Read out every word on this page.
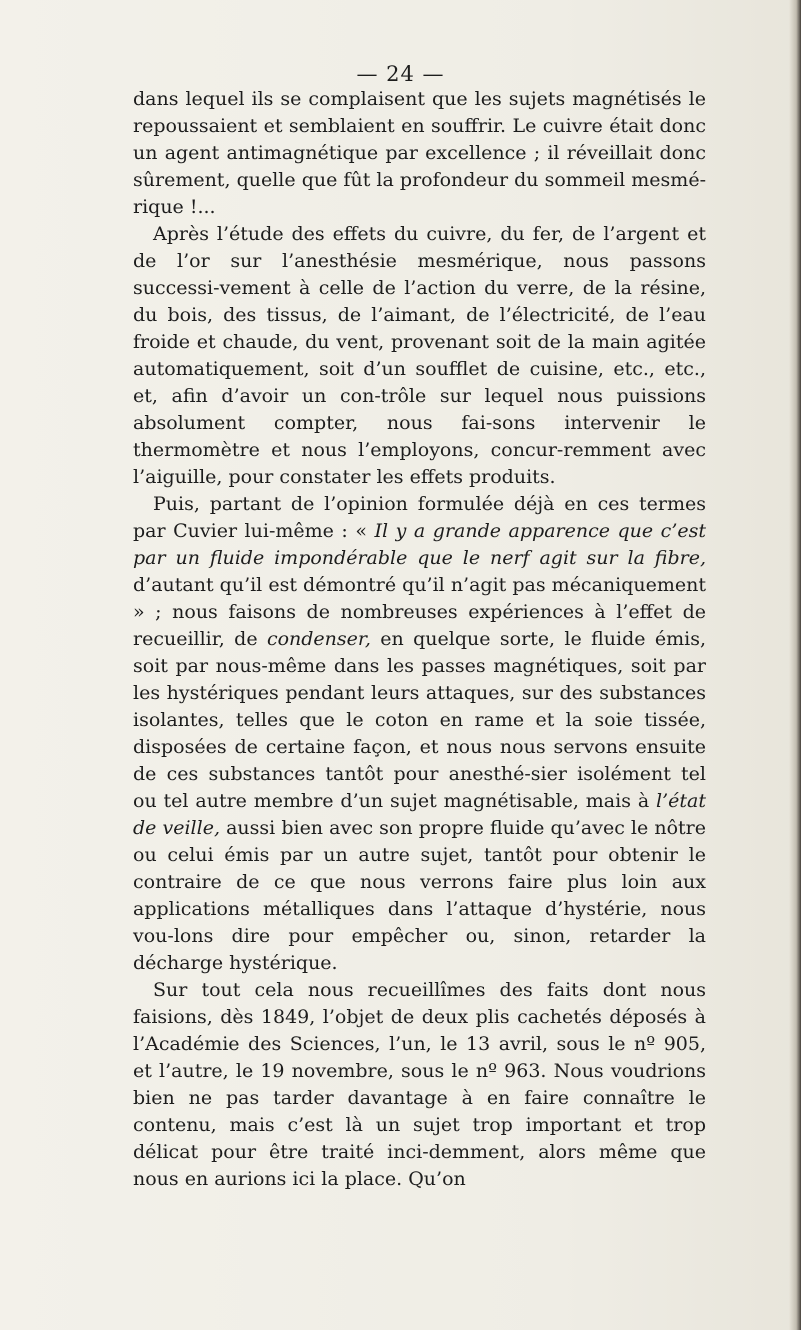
— 24 —

dans lequel ils se complaisent que les sujets magnétisés le repoussaient et semblaient en souffrir. Le cuivre était donc un agent antimagnétique par excellence ; il réveillait donc sûrement, quelle que fût la profondeur du sommeil mesmé-rique !...

Après l’étude des effets du cuivre, du fer, de l’argent et de l’or sur l’anesthésie mesmérique, nous passons successi-vement à celle de l’action du verre, de la résine, du bois, des tissus, de l’aimant, de l’électricité, de l’eau froide et chaude, du vent, provenant soit de la main agitée automatiquement, soit d’un soufflet de cuisine, etc., etc., et, afin d’avoir un con-trôle sur lequel nous puissions absolument compter, nous fai-sons intervenir le thermomètre et nous l’employons, concur-remment avec l’aiguille, pour constater les effets produits.

Puis, partant de l’opinion formulée déjà en ces termes par Cuvier lui-même : « Il y a grande apparence que c’est par un fluide impondérable que le nerf agit sur la fibre, d’autant qu’il est démontré qu’il n’agit pas mécaniquement » ; nous faisons de nombreuses expériences à l’effet de recueillir, de condenser, en quelque sorte, le fluide émis, soit par nous-même dans les passes magnétiques, soit par les hystériques pendant leurs attaques, sur des substances isolantes, telles que le coton en rame et la soie tissée, disposées de certaine façon, et nous nous servons ensuite de ces substances tantôt pour anesthé-sier isolément tel ou tel autre membre d’un sujet magnétisable, mais à l’état de veille, aussi bien avec son propre fluide qu’avec le nôtre ou celui émis par un autre sujet, tantôt pour obtenir le contraire de ce que nous verrons faire plus loin aux applications métalliques dans l’attaque d’hystérie, nous vou-lons dire pour empêcher ou, sinon, retarder la décharge hystérique.

Sur tout cela nous recueillîmes des faits dont nous faisions, dès 1849, l’objet de deux plis cachetés déposés à l’Académie des Sciences, l’un, le 13 avril, sous le nº 905, et l’autre, le 19 novembre, sous le nº 963. Nous voudrions bien ne pas tarder davantage à en faire connaître le contenu, mais c’est là un sujet trop important et trop délicat pour être traité inci-demment, alors même que nous en aurions ici la place. Qu’on
